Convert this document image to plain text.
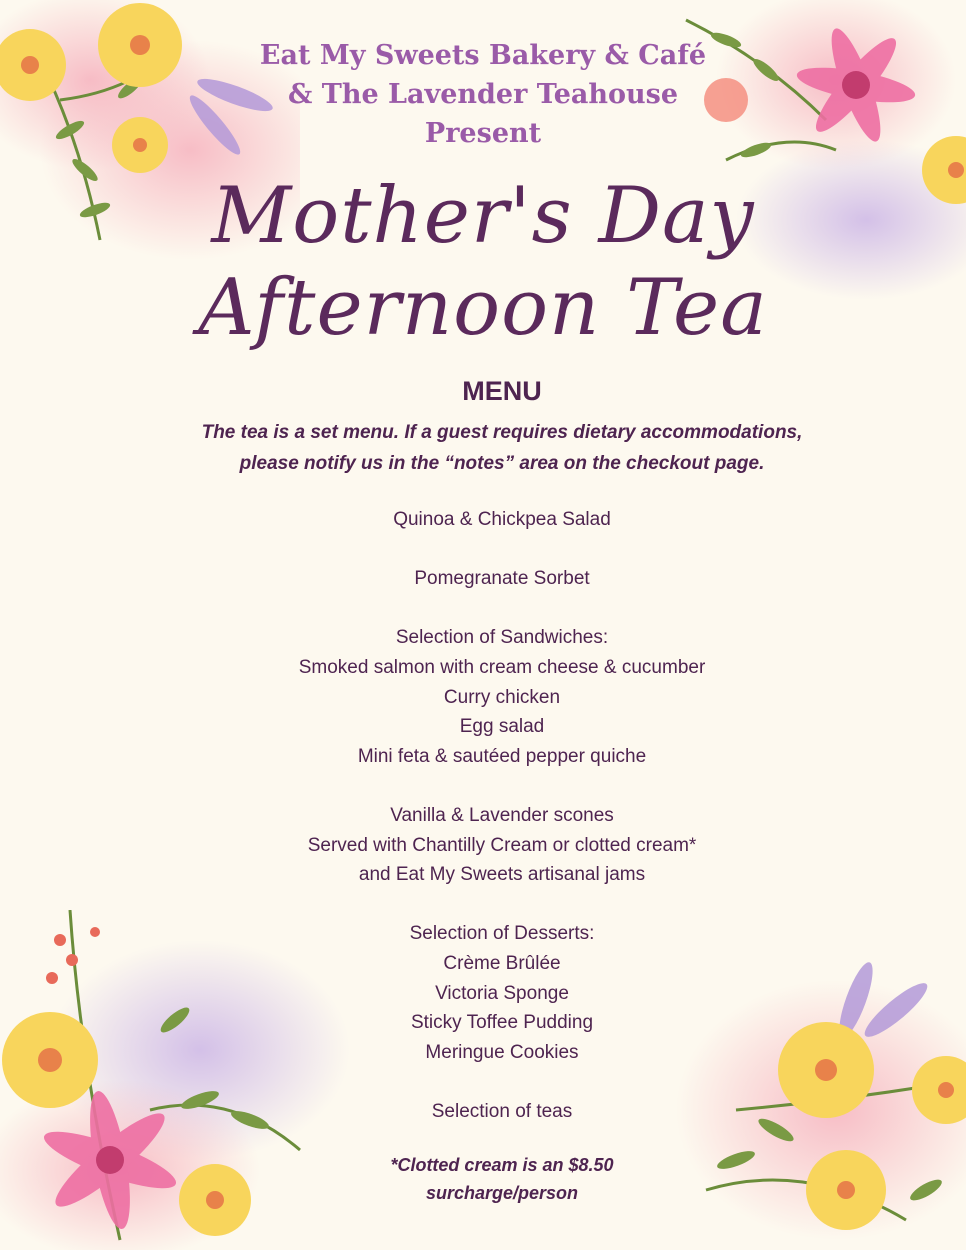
Eat My Sweets Bakery & Café
& The Lavender Teahouse
Present
Mother's Day
Afternoon Tea
MENU
The tea is a set menu. If a guest requires dietary accommodations,
please notify us in the “notes” area on the checkout page.
Quinoa & Chickpea Salad
Pomegranate Sorbet
Selection of Sandwiches:
Smoked salmon with cream cheese & cucumber
Curry chicken
Egg salad
Mini feta & sautéed pepper quiche
Vanilla & Lavender scones
Served with Chantilly Cream or clotted cream*
and Eat My Sweets artisanal jams
Selection of Desserts:
Crème Brûlée
Victoria Sponge
Sticky Toffee Pudding
Meringue Cookies
Selection of teas
*Clotted cream is an $8.50
surcharge/person
